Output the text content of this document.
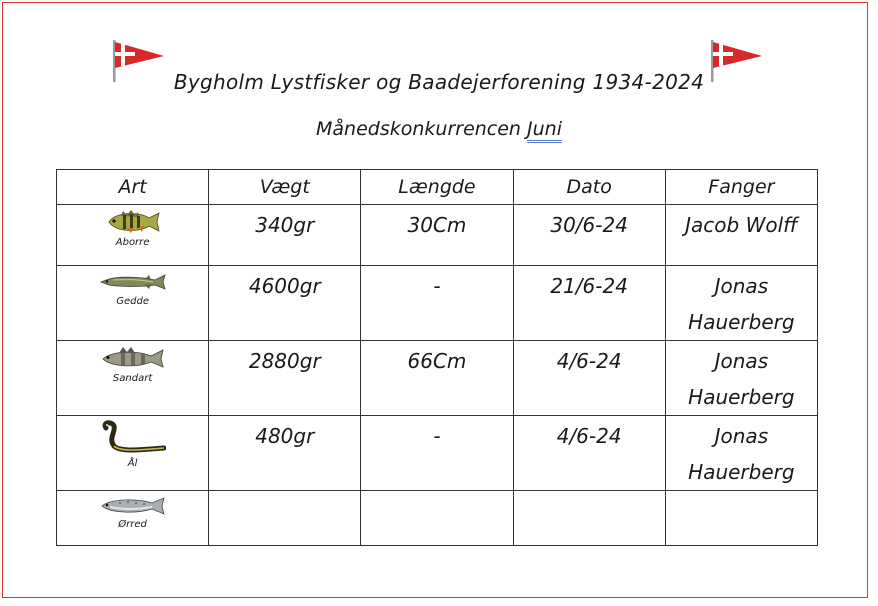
Bygholm Lystfisker og Baadejerforening 1934-2024
Månedskonkurrencen Juni
Art	Vægt	Længde	Dato	Fanger

Aborre	340gr	30Cm	30/6-24	Jacob Wolff

Gedde	4600gr	-	21/6-24	Jonas Hauerberg

Sandart	2880gr	66Cm	4/6-24	Jonas Hauerberg

Ål	480gr	-	4/6-24	Jonas Hauerberg

Ørred				
